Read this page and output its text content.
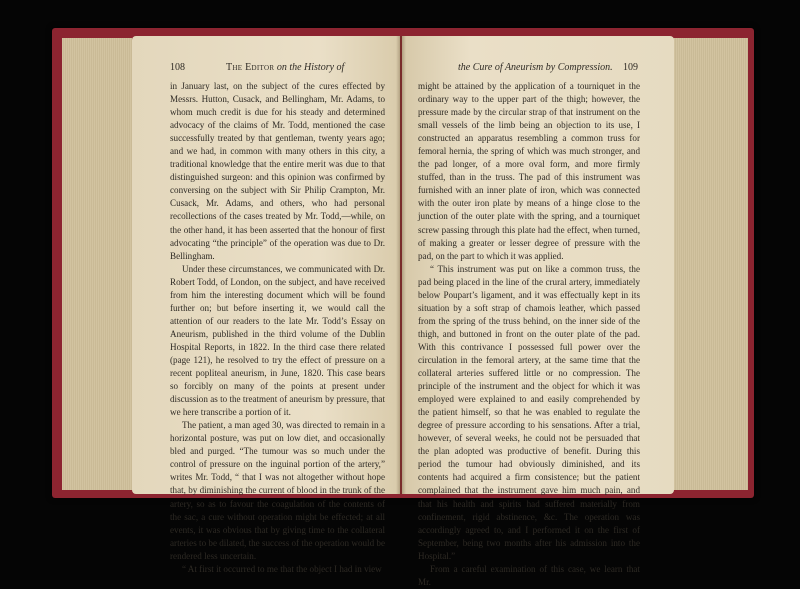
108	The Editor on the History of

in January last, on the subject of the cures effected by Messrs. Hutton, Cusack, and Bellingham, Mr. Adams, to whom much credit is due for his steady and determined advocacy of the claims of Mr. Todd, mentioned the case successfully treated by that gentleman, twenty years ago; and we had, in common with many others in this city, a traditional knowledge that the entire merit was due to that distinguished surgeon: and this opinion was confirmed by conversing on the subject with Sir Philip Crampton, Mr. Cusack, Mr. Adams, and others, who had personal recollections of the cases treated by Mr. Todd,—while, on the other hand, it has been asserted that the honour of first advocating “the principle” of the operation was due to Dr. Bellingham.

Under these circumstances, we communicated with Dr. Robert Todd, of London, on the subject, and have received from him the interesting document which will be found further on; but before inserting it, we would call the attention of our readers to the late Mr. Todd’s Essay on Aneurism, published in the third volume of the Dublin Hospital Reports, in 1822. In the third case there related (page 121), he resolved to try the effect of pressure on a recent popliteal aneurism, in June, 1820. This case bears so forcibly on many of the points at present under discussion as to the treatment of aneurism by pressure, that we here transcribe a portion of it.

The patient, a man aged 30, was directed to remain in a horizontal posture, was put on low diet, and occasionally bled and purged. “The tumour was so much under the control of pressure on the inguinal portion of the artery,” writes Mr. Todd, “ that I was not altogether without hope that, by diminishing the current of blood in the trunk of the artery, so as to favour the coagulation of the contents of the sac, a cure without operation might be effected; at all events, it was obvious that by giving time to the collateral arteries to be dilated, the success of the operation would be rendered less uncertain.

“ At first it occurred to me that the object I had in view

the Cure of Aneurism by Compression. 109

might be attained by the application of a tourniquet in the ordinary way to the upper part of the thigh; however, the pressure made by the circular strap of that instrument on the small vessels of the limb being an objection to its use, I constructed an apparatus resembling a common truss for femoral hernia, the spring of which was much stronger, and the pad longer, of a more oval form, and more firmly stuffed, than in the truss. The pad of this instrument was furnished with an inner plate of iron, which was connected with the outer iron plate by means of a hinge close to the junction of the outer plate with the spring, and a tourniquet screw passing through this plate had the effect, when turned, of making a greater or lesser degree of pressure with the pad, on the part to which it was applied.

“ This instrument was put on like a common truss, the pad being placed in the line of the crural artery, immediately below Poupart’s ligament, and it was effectually kept in its situation by a soft strap of chamois leather, which passed from the spring of the truss behind, on the inner side of the thigh, and buttoned in front on the outer plate of the pad. With this contrivance I possessed full power over the circulation in the femoral artery, at the same time that the collateral arteries suffered little or no compression. The principle of the instrument and the object for which it was employed were explained to and easily comprehended by the patient himself, so that he was enabled to regulate the degree of pressure according to his sensations. After a trial, however, of several weeks, he could not be persuaded that the plan adopted was productive of benefit. During this period the tumour had obviously diminished, and its contents had acquired a firm consistence; but the patient complained that the instrument gave him much pain, and that his health and spirits had suffered materially from confinement, rigid abstinence, &c. The operation was accordingly agreed to, and I performed it on the first of September, being two months after his admission into the Hospital.”

From a careful examination of this case, we learn that Mr.
